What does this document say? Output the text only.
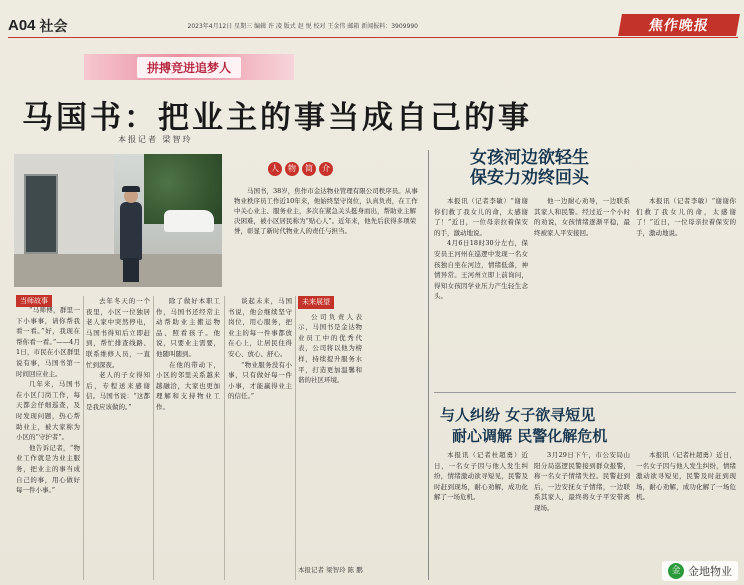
A04 社会	2023年4月12日 星期三 编辑 许 凌 版式 赵 悦 校对 王金伟 邮箱 新闻报料：3909990	焦作晚报
拼搏竞进追梦人
马国书：把业主的事当成自己的事
本报记者 梁智玲
人	物	简	介
马国书，38岁，焦作市金达物业管理有限公司秩序员。从事物业秩序员工作近10年来，他始终坚守岗位，认真负责，在工作中关心业主、服务业主，多次在紧急关头挺身而出，帮助业主解决困难，被小区居民称为“贴心人”。近年来，他先后获得多项荣誉，彰显了新时代物业人的责任与担当。
当师故事

“马师傅，群里一下小事事，请你帮我看一看。”好，我现在帮你看一看。”——4月1日，市民在小区群里说有事，马国书第一时间回应业主。

几年来，马国书在小区门岗工作，每天都会仔细巡查，及时发现问题，热心帮助业主，被大家称为小区的“守护者”。

他告诉记者，“物业工作就是为业主服务，把业主的事当成自己的事，用心做好每一件小事。”

去年冬天的一个夜里，小区一位独居老人家中突然停电，马国书得知后立即赶到，帮忙排查线路、联系维修人员，一直忙到深夜。

老人的子女得知后，专程送来感谢信。马国书说：“这都是我应该做的。”

除了做好本职工作，马国书还经常主动帮助业主搬运物品、照看孩子。他说，只要业主需要，他随叫随到。

在他的带动下，小区的邻里关系越来越融洽，大家也更加理解和支持物业工作。

谈起未来，马国书说，他会继续坚守岗位，用心服务，把业主的每一件事都放在心上，让居民住得安心、放心、舒心。

“物业服务没有小事，只有做好每一件小事，才能赢得业主的信任。”

未来展望

公司负责人表示，马国书是金达物业员工中的优秀代表，公司将以他为榜样，持续提升服务水平，打造更加温馨和谐的社区环境。

本报记者 梁智玲 陈 鹏
女孩河边欲轻生
保安力劝终回头

本报讯（记者李敏）“谢谢你们救了我女儿的命，太感谢了！”近日，一位母亲拉着保安的手，激动地说。

4月6日18时30分左右，保安员王河州在巡逻中发现一名女孩独自坐在河边，情绪低落，神情异常。王河州立即上前询问，得知女孩因学业压力产生轻生念头。

他一边耐心劝导，一边联系其家人和民警。经过近一个小时的劝说，女孩情绪逐渐平稳，最终被家人平安接回。

本报讯（记者李敏）“谢谢你们救了我女儿的命，太感谢了！”近日，一位母亲拉着保安的手，激动地说。

与人纠纷 女子欲寻短见
耐心调解 民警化解危机

本报讯（记者杜超勇）近日，一名女子因与他人发生纠纷，情绪激动欲寻短见，民警及时赶到现场，耐心劝解，成功化解了一场危机。

3月29日下午，市公安局山阳分局巡逻民警接到群众报警，称一名女子情绪失控。民警赶到后，一边安抚女子情绪，一边联系其家人，最终将女子平安带离现场。

本报讯（记者杜超勇）近日，一名女子因与他人发生纠纷，情绪激动欲寻短见，民警及时赶到现场，耐心劝解，成功化解了一场危机。

金 金地物业
